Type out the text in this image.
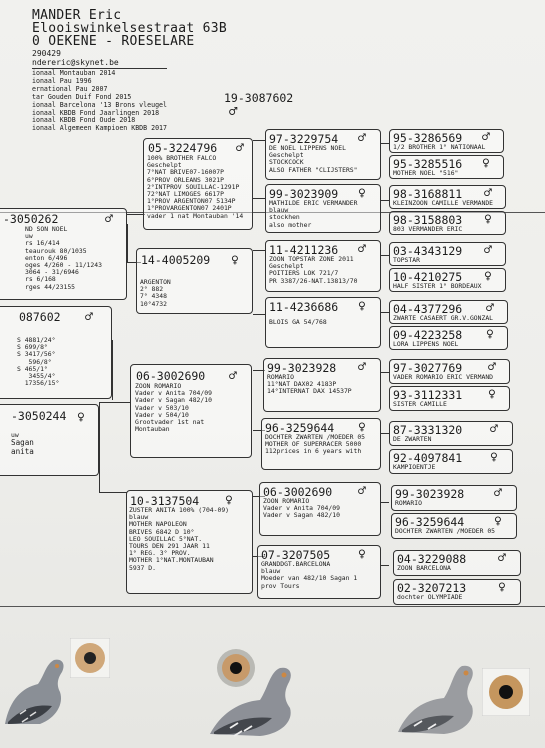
MANDER Eric
Elooiswinkelsestraat 63B
0 OEKENE - ROESELARE
290429
ndereric@skynet.be
ionaal Montauban 2014
ionaal Pau 1996
ernational Pau 2007
tar Gouden Duif Fond 2015
ionaal Barcelona '13 Brons vleugel
ionaal KBDB Fond Jaarlingen 2018
ionaal KBDB Fond Oude 2018
ionaal Algemeen Kampioen KBDB 2017
19-3087602
♂
-3050262	♂
ND SON NOEL
uw
rs 16/414
teaurouk 80/1035
enton 6/496
oges 4/260 - 11/1243
3064 - 31/6946
rs 6/168
rges 44/23155
087602 ♂
S 4881/24°
S 699/8°
S 3417/56°
596/8°
S 465/1°
3455/4°
17356/15°
-3050244 ♀
uw
Sagan
anita
05-3224796 ♂
100% BROTHER FALCO
Geschelpt
7°NAT BRIVE07-16007P
6°PROV ORLEANS 3021P
2°INTPROV SOUILLAC-1291P
72°NAT LIMOGES 6617P
1°PROV ARGENTON07 5134P
1°PROVARGENTON07 2401P
vader 1 nat Montauban '14
14-4005209 ♀
ARGENTON
2° 882
7° 4348
10°4732
06-3002690 ♂
ZOON ROMARIO
Vader v Anita 704/09
Vader v Sagan 482/10
Vader v 503/10
Vader v 504/10
Grootvader 1st nat
Montauban
10-3137504 ♀
ZUSTER ANITA 100% (704-09)
blauw
MOTHER NAPOLEON
BRIVES 6842 D 10°
LEO SOUILLAC 5°NAT.
TOURS DEN 291 JAAR 11
1° REG. 3° PROV.
MOTHER 1°NAT.MONTAUBAN
5937 D.
97-3229754 ♂
DE NOEL LIPPENS NOEL
Geschelpt
STOCKCOCK
ALSO FATHER "CLIJSTERS"
99-3023909 ♀
MATHILDE ERIC VERMANDER
blauw
stockhen
also mother
11-4211236 ♂
ZOON TOPSTAR ZONE 2011
Geschelpt
POITIERS LOK 721/7
PR 3387/26-NAT.13813/70
11-4236686 ♀
BLOIS GA 54/768
99-3023928 ♂
ROMARIO
11°NAT DAX02 4183P
14°INTERNAT DAX 14537P
96-3259644 ♀
DOCHTER ZWARTEN /MOEDER 05
MOTHER OF SUPERRACER 5000
112prices in 6 years with
06-3002690 ♂
ZOON ROMARIO
Vader v Anita 704/09
Vader v Sagan 482/10
07-3207505 ♀
GRANDDGT.BARCELONA
blauw
Moeder van 482/10 Sagan 1
prov Tours
95-3286569 ♂
1/2 BROTHER 1° NATIONAAL
95-3285516 ♀
MOTHER NOEL "516"
98-3168811 ♂
KLEINZOON CAMILLE VERMANDE
98-3158803 ♀
803 VERMANDER ERIC
03-4343129 ♂
TOPSTAR
10-4210275 ♀
HALF SISTER 1° BORDEAUX
04-4377296 ♂
ZWARTE CASAERT GR.V.GONZAL
09-4223258 ♀
LORA LIPPENS NOEL
97-3027769 ♂
VADER ROMARIO ERIC VERMAND
93-3112331 ♀
SISTER CAMILLE
87-3331320 ♂
DE ZWARTEN
92-4097841 ♀
KAMPIOENTJE
99-3023928 ♂
ROMARIO
96-3259644 ♀
DOCHTER ZWARTEN /MOEDER 05
04-3229088 ♂
ZOON BARCELONA
02-3207213 ♀
dochter OLYMPIADE
